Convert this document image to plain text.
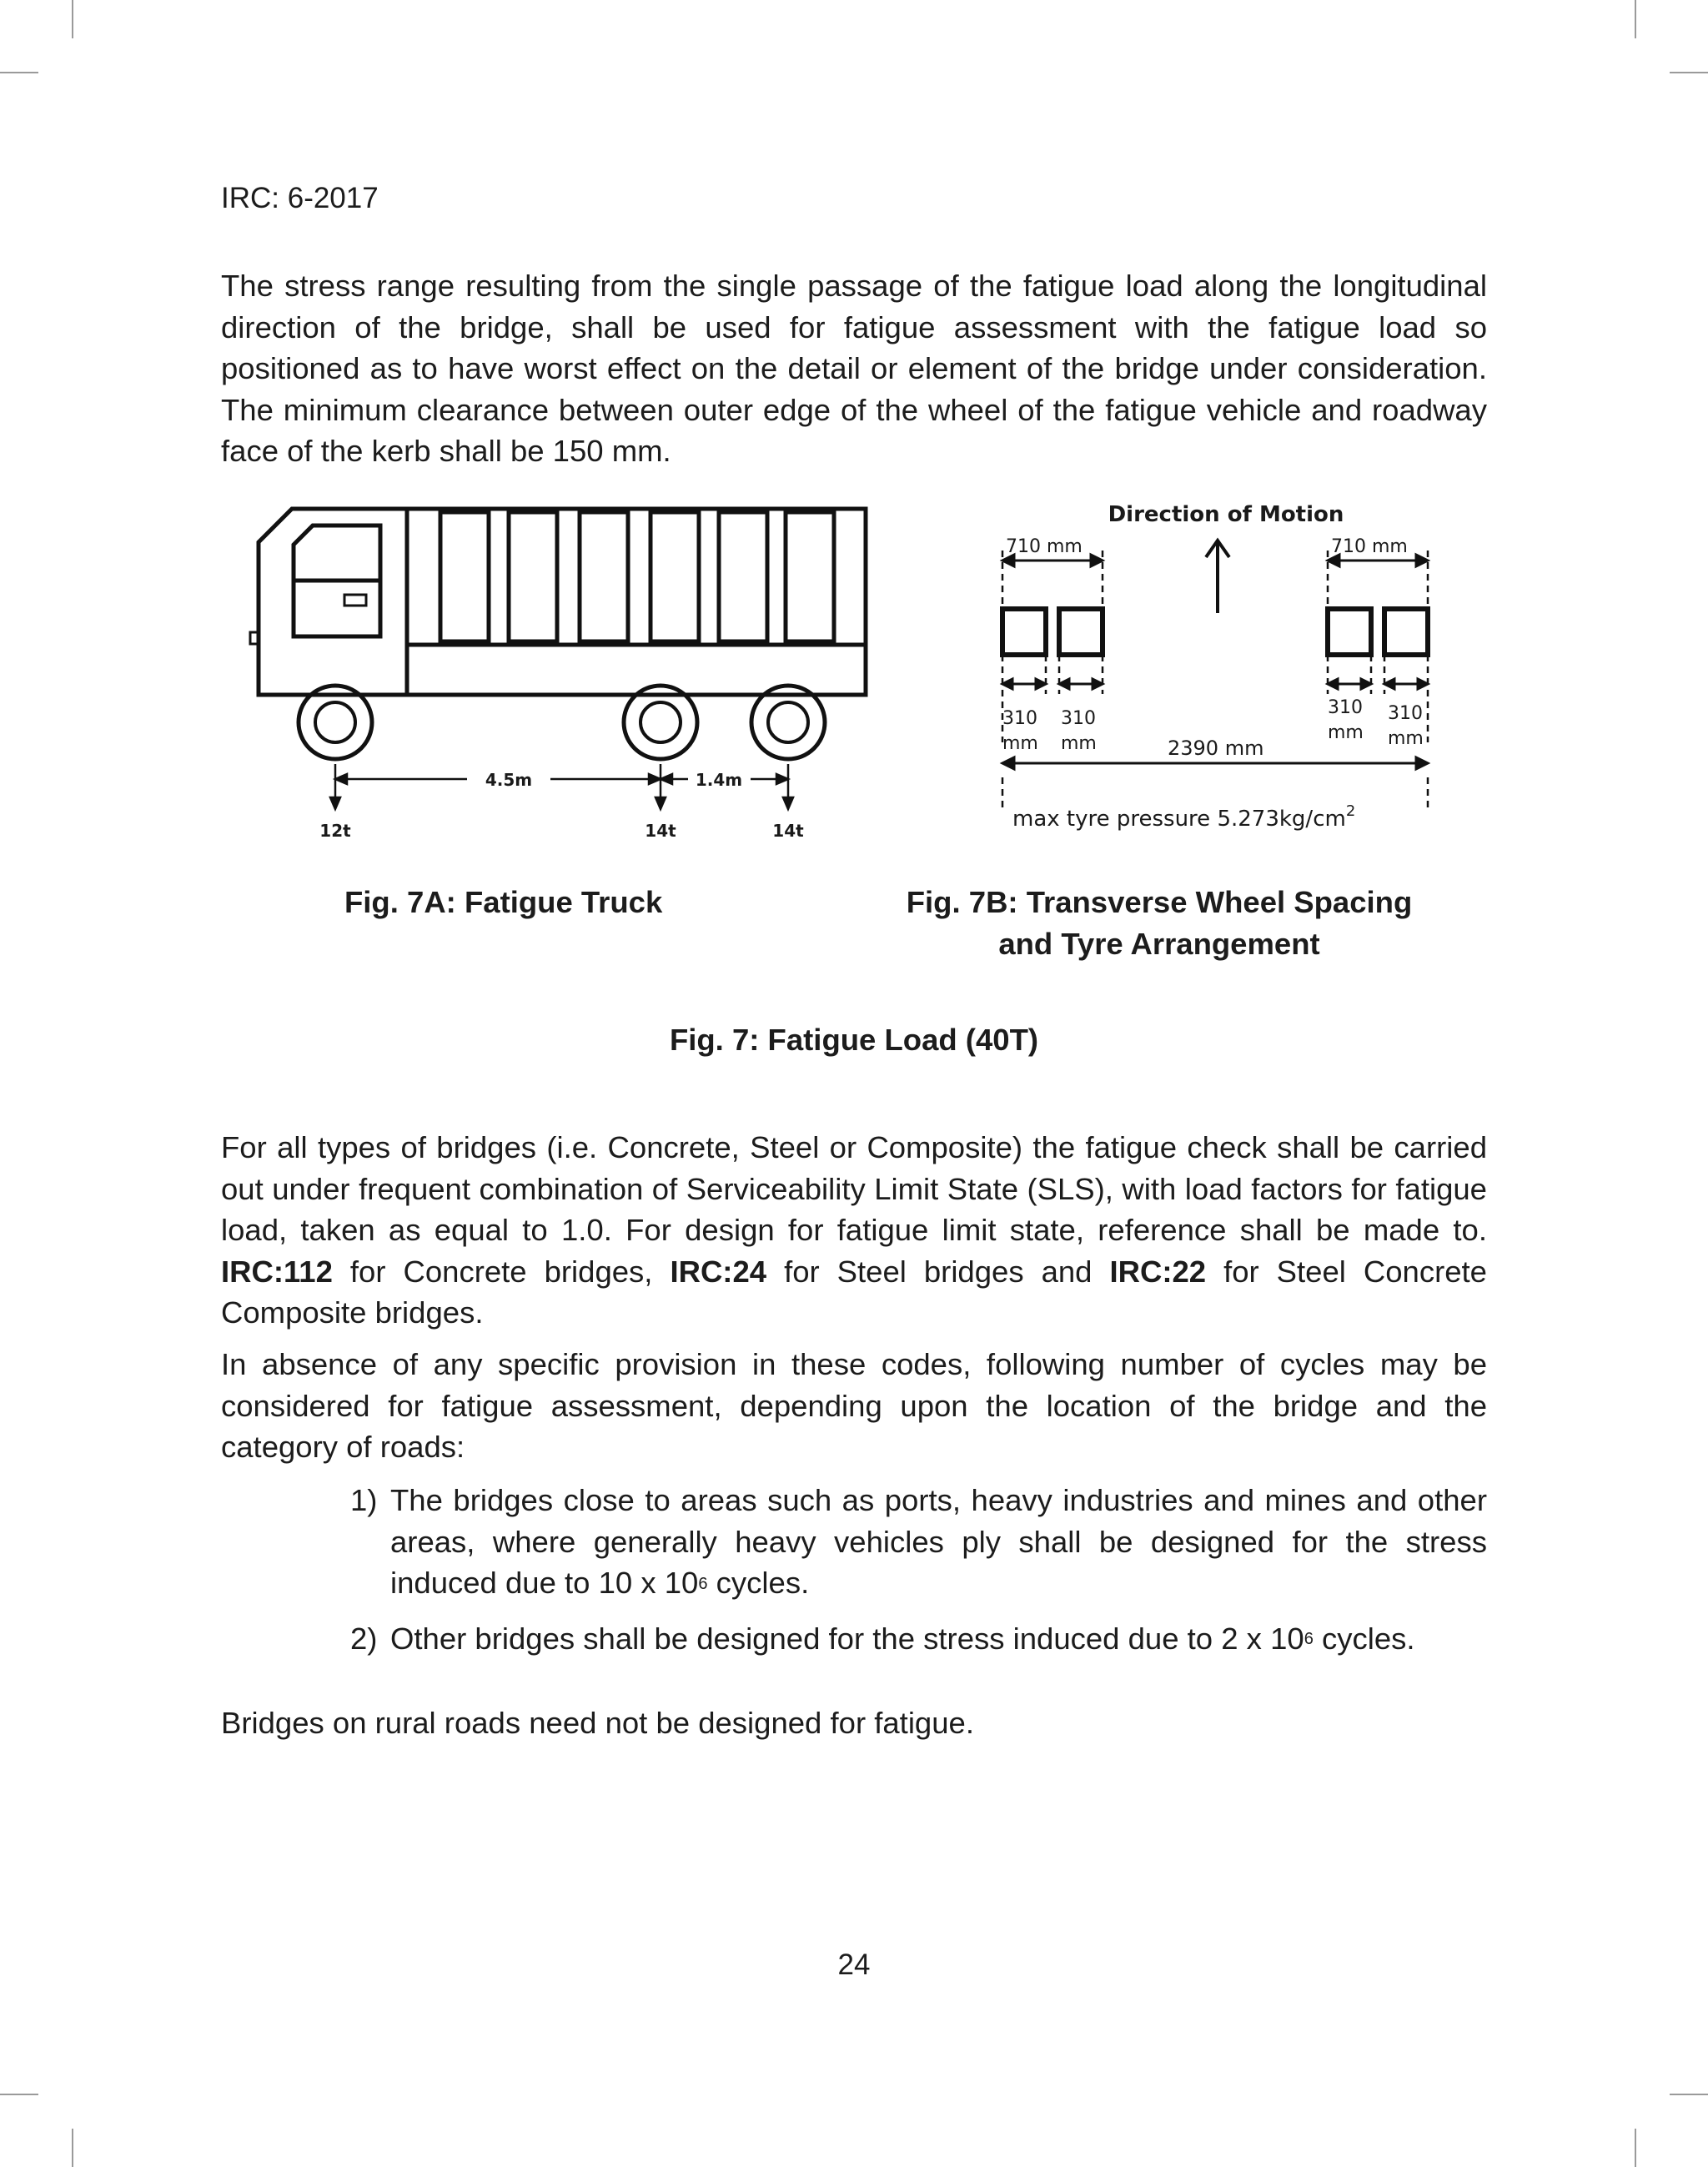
IRC: 6-2017

The stress range resulting from the single passage of the fatigue load along the longitudinal direction of the bridge, shall be used for fatigue assessment with the fatigue load so positioned as to have worst effect on the detail or element of the bridge under consideration. The minimum clearance between outer edge of the wheel of the fatigue vehicle and roadway face of the kerb shall be 150 mm.

4.5m	1.4m
12t	14t	14t
Direction of Motion
710 mm	710 mm
310
mm
310
mm
310
mm
310
mm
2390 mm
max tyre pressure $5.273kg/cm^2$

Fig. 7A: Fatigue Truck	Fig. 7B: Transverse Wheel Spacing
and Tyre Arrangement

Fig. 7: Fatigue Load (40T)

For all types of bridges (i.e. Concrete, Steel or Composite) the fatigue check shall be carried out under frequent combination of Serviceability Limit State (SLS), with load factors for fatigue load, taken as equal to 1.0. For design for fatigue limit state, reference shall be made to. IRC:112 for Concrete bridges, IRC:24 for Steel bridges and IRC:22 for Steel Concrete Composite bridges.

In absence of any specific provision in these codes, following number of cycles may be considered for fatigue assessment, depending upon the location of the bridge and the category of roads:

1) The bridges close to areas such as ports, heavy industries and mines and other areas, where generally heavy vehicles ply shall be designed for the stress induced due to 10 x $10^6$ cycles.
2) Other bridges shall be designed for the stress induced due to 2 x $10^6$ cycles.

Bridges on rural roads need not be designed for fatigue.

24
